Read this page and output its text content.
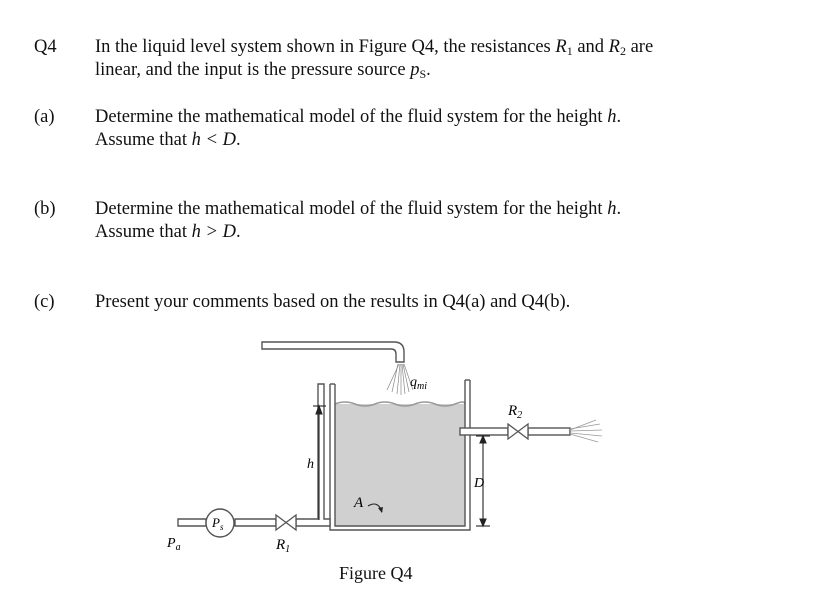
Q4 In the liquid level system shown in Figure Q4, the resistances $R_1$ and $R_2$ are
linear, and the input is the pressure source $p_S$.
(a) Determine the mathematical model of the fluid system for the height h.
Assume that h < D.
(b) Determine the mathematical model of the fluid system for the height h.
Assume that h > D.
(c) Present your comments based on the results in Q4(a) and Q4(b).
$q_{mi}$
$R_2$
h
D
A
$P_s$
$P_a$	$R_1$
Figure Q4
